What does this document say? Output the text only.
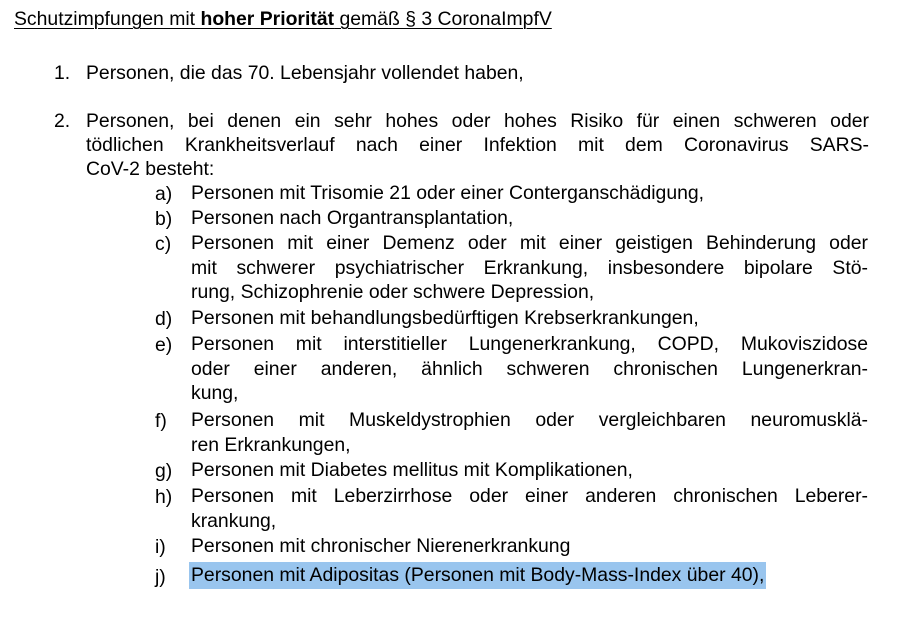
Schutzimpfungen mit hoher Priorität gemäß § 3 CoronaImpfV
1. Personen, die das 70. Lebensjahr vollendet haben,
2. Personen, bei denen ein sehr hohes oder hohes Risiko für einen schweren oder
tödlichen Krankheitsverlauf nach einer Infektion mit dem Coronavirus SARS-
CoV-2 besteht:
a) Personen mit Trisomie 21 oder einer Conterganschädigung,
b) Personen nach Organtransplantation,
c) Personen mit einer Demenz oder mit einer geistigen Behinderung oder
mit schwerer psychiatrischer Erkrankung, insbesondere bipolare Stö-
rung, Schizophrenie oder schwere Depression,
d) Personen mit behandlungsbedürftigen Krebserkrankungen,
e) Personen mit interstitieller Lungenerkrankung, COPD, Mukoviszidose
oder einer anderen, ähnlich schweren chronischen Lungenerkran-
kung,
f) Personen mit Muskeldystrophien oder vergleichbaren neuromusklä-
ren Erkrankungen,
g) Personen mit Diabetes mellitus mit Komplikationen,
h) Personen mit Leberzirrhose oder einer anderen chronischen Leberer-
krankung,
i) Personen mit chronischer Nierenerkrankung
j) Personen mit Adipositas (Personen mit Body-Mass-Index über 40),
